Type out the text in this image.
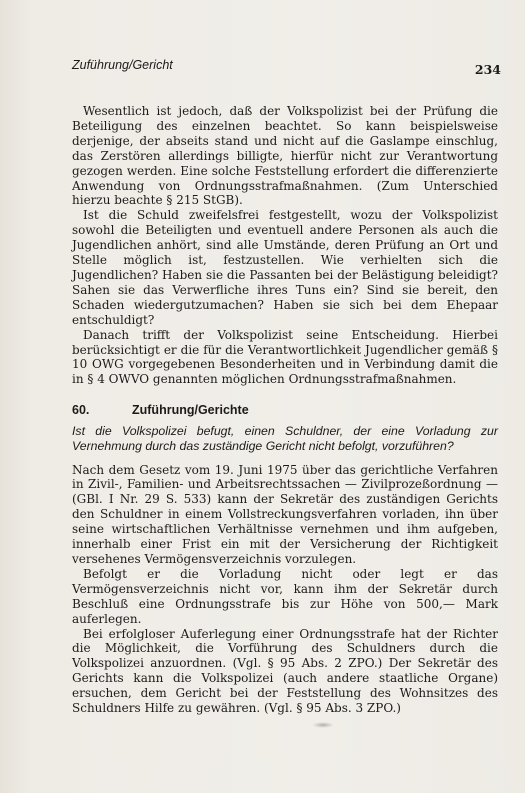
Zuführung/Gericht	234

Wesentlich ist jedoch, daß der Volkspolizist bei der Prüfung die Beteiligung des einzelnen beachtet. So kann beispielsweise derjenige, der abseits stand und nicht auf die Gaslampe einschlug, das Zerstören allerdings billigte, hierfür nicht zur Verantwortung gezogen werden. Eine solche Feststellung erfordert die differenzierte Anwendung von Ordnungsstrafmaßnahmen. (Zum Unterschied hierzu beachte § 215 StGB).

Ist die Schuld zweifelsfrei festgestellt, wozu der Volkspolizist sowohl die Beteiligten und eventuell andere Personen als auch die Jugendlichen anhört, sind alle Umstände, deren Prüfung an Ort und Stelle möglich ist, festzustellen. Wie verhielten sich die Jugendlichen? Haben sie die Passanten bei der Belästigung beleidigt? Sahen sie das Verwerfliche ihres Tuns ein? Sind sie bereit, den Schaden wiedergutzumachen? Haben sie sich bei dem Ehepaar entschuldigt?

Danach trifft der Volkspolizist seine Entscheidung. Hierbei berücksichtigt er die für die Verantwortlichkeit Jugendlicher gemäß § 10 OWG vorgegebenen Besonderheiten und in Verbindung damit die in § 4 OWVO genannten möglichen Ordnungsstrafmaßnahmen.

60.	Zuführung/Gerichte
Ist die Volkspolizei befugt, einen Schuldner, der eine Vorladung zur Vernehmung durch das zuständige Gericht nicht befolgt, vorzuführen?

Nach dem Gesetz vom 19. Juni 1975 über das gerichtliche Verfahren in Zivil-, Familien- und Arbeitsrechtssachen — Zivilprozeßordnung — (GBl. I Nr. 29 S. 533) kann der Sekretär des zuständigen Gerichts den Schuldner in einem Vollstreckungsverfahren vorladen, ihn über seine wirtschaftlichen Verhältnisse vernehmen und ihm aufgeben, innerhalb einer Frist ein mit der Versicherung der Richtigkeit versehenes Vermögensverzeichnis vorzulegen.

Befolgt er die Vorladung nicht oder legt er das Vermögensverzeichnis nicht vor, kann ihm der Sekretär durch Beschluß eine Ordnungsstrafe bis zur Höhe von 500,— Mark auferlegen.

Bei erfolgloser Auferlegung einer Ordnungsstrafe hat der Richter die Möglichkeit, die Vorführung des Schuldners durch die Volkspolizei anzuordnen. (Vgl. § 95 Abs. 2 ZPO.) Der Sekretär des Gerichts kann die Volkspolizei (auch andere staatliche Organe) ersuchen, dem Gericht bei der Feststellung des Wohnsitzes des Schuldners Hilfe zu gewähren. (Vgl. § 95 Abs. 3 ZPO.)
